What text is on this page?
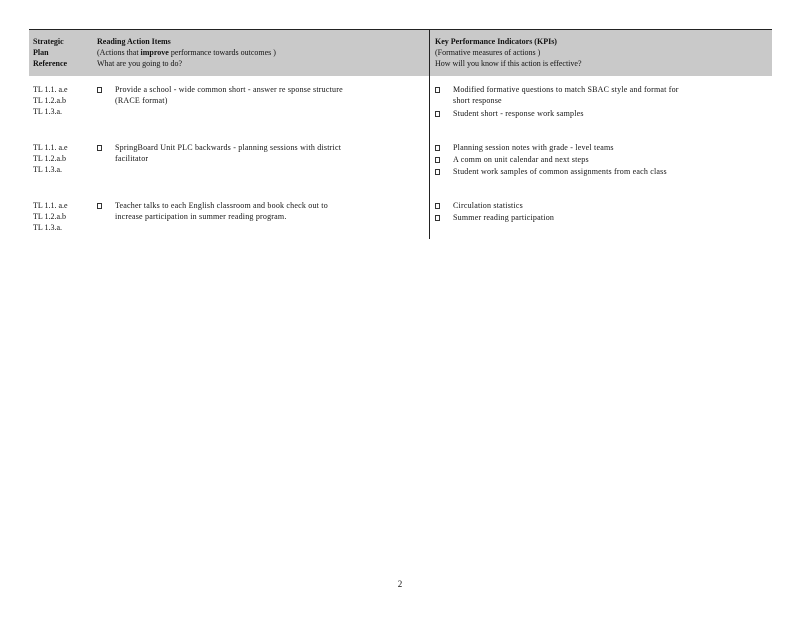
Strategic
Plan
Reference
Reading Action Items
(Actions that improve performance towards outcomes )
What are you going to do?
Key Performance Indicators (KPIs)
(Formative measures of actions )
How will you know if this action is effective?
TL 1.1. a.e
TL 1.2.a.b
TL 1.3.a.
Provide a school - wide common short - answer re sponse structure
(RACE format)
Modified formative questions to match SBAC style and format for
short response
Student short - response work samples
TL 1.1. a.e
TL 1.2.a.b
TL 1.3.a.
SpringBoard Unit PLC backwards - planning sessions with district
facilitator
Planning session notes with grade - level teams
A comm on unit calendar and next steps
Student work samples of common assignments from each class
TL 1.1. a.e
TL 1.2.a.b
TL 1.3.a.
Teacher talks to each English classroom and book check out to
increase participation in summer reading program.
Circulation statistics
Summer reading participation
2
